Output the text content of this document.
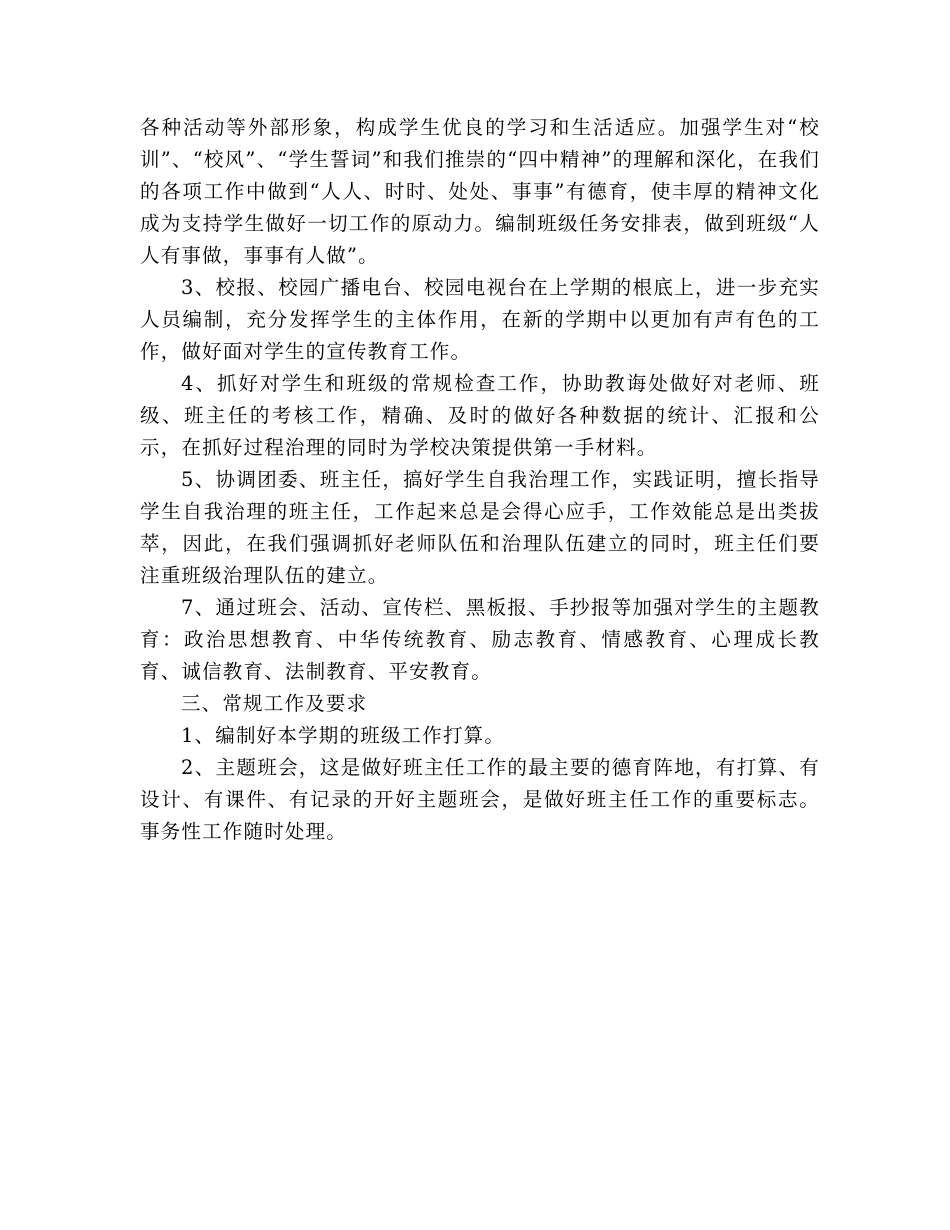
各种活动等外部形象，构成学生优良的学习和生活适应。加强学生对“校训”、“校风”、“学生誓词”和我们推崇的“四中精神”的理解和深化，在我们的各项工作中做到“人人、时时、处处、事事”有德育，使丰厚的精神文化成为支持学生做好一切工作的原动力。编制班级任务安排表，做到班级“人人有事做，事事有人做”。

3、校报、校园广播电台、校园电视台在上学期的根底上，进一步充实人员编制，充分发挥学生的主体作用，在新的学期中以更加有声有色的工作，做好面对学生的宣传教育工作。

4、抓好对学生和班级的常规检查工作，协助教诲处做好对老师、班级、班主任的考核工作，精确、及时的做好各种数据的统计、汇报和公示，在抓好过程治理的同时为学校决策提供第一手材料。

5、协调团委、班主任，搞好学生自我治理工作，实践证明，擅长指导学生自我治理的班主任，工作起来总是会得心应手，工作效能总是出类拔萃，因此，在我们强调抓好老师队伍和治理队伍建立的同时，班主任们要注重班级治理队伍的建立。

7、通过班会、活动、宣传栏、黑板报、手抄报等加强对学生的主题教育：政治思想教育、中华传统教育、励志教育、情感教育、心理成长教育、诚信教育、法制教育、平安教育。

三、常规工作及要求

1、编制好本学期的班级工作打算。

2、主题班会，这是做好班主任工作的最主要的德育阵地，有打算、有设计、有课件、有记录的开好主题班会，是做好班主任工作的重要标志。事务性工作随时处理。
